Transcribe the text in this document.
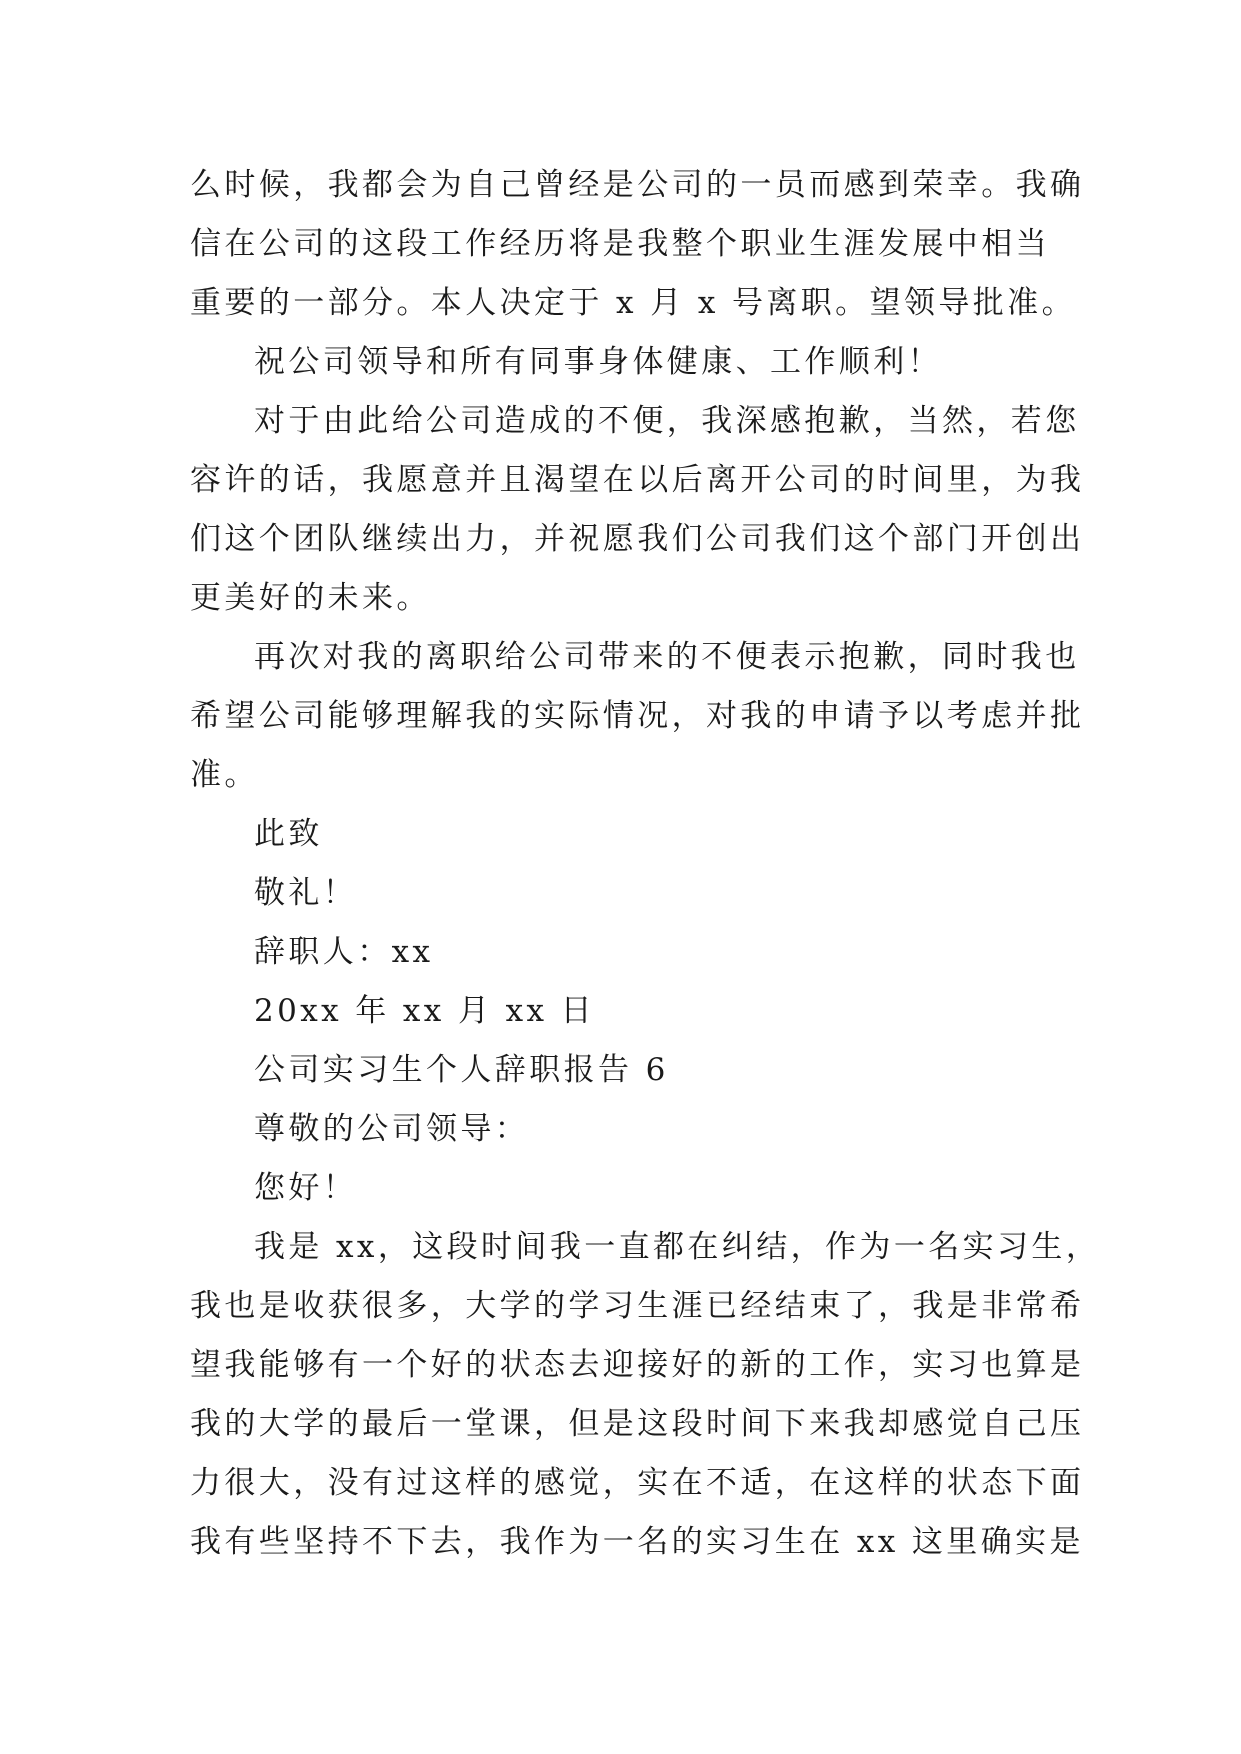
么时候，我都会为自己曾经是公司的一员而感到荣幸。我确
信在公司的这段工作经历将是我整个职业生涯发展中相当
重要的一部分。本人决定于 x 月 x 号离职。望领导批准。
祝公司领导和所有同事身体健康、工作顺利！
对于由此给公司造成的不便，我深感抱歉，当然，若您
容许的话，我愿意并且渴望在以后离开公司的时间里，为我
们这个团队继续出力，并祝愿我们公司我们这个部门开创出
更美好的未来。
再次对我的离职给公司带来的不便表示抱歉，同时我也
希望公司能够理解我的实际情况，对我的申请予以考虑并批
准。
此致
敬礼！
辞职人：xx
20xx 年 xx 月 xx 日
公司实习生个人辞职报告 6
尊敬的公司领导：
您好！
我是 xx，这段时间我一直都在纠结，作为一名实习生，
我也是收获很多，大学的学习生涯已经结束了，我是非常希
望我能够有一个好的状态去迎接好的新的工作，实习也算是
我的大学的最后一堂课，但是这段时间下来我却感觉自己压
力很大，没有过这样的感觉，实在不适，在这样的状态下面
我有些坚持不下去，我作为一名的实习生在 xx 这里确实是
